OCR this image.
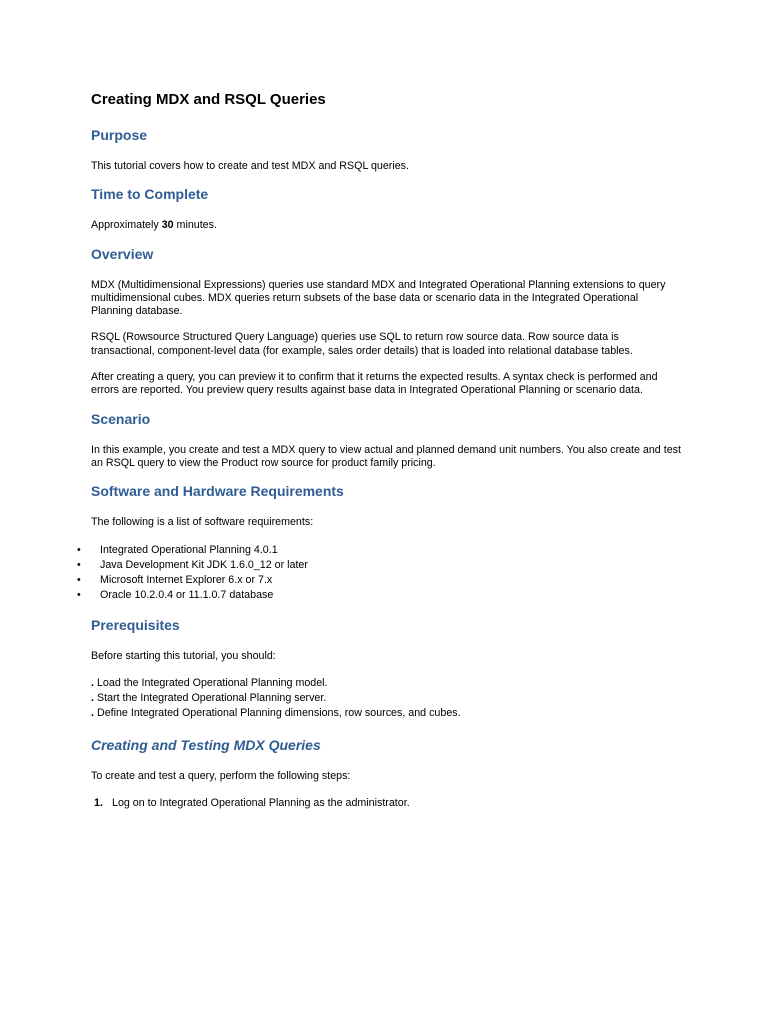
Creating MDX and RSQL Queries
Purpose

This tutorial covers how to create and test MDX and RSQL queries.

Time to Complete

Approximately 30 minutes.

Overview

MDX (Multidimensional Expressions) queries use standard MDX and Integrated Operational Planning extensions to query multidimensional cubes. MDX queries return subsets of the base data or scenario data in the Integrated Operational Planning database.

RSQL (Rowsource Structured Query Language) queries use SQL to return row source data. Row source data is transactional, component-level data (for example, sales order details) that is loaded into relational database tables.

After creating a query, you can preview it to confirm that it returns the expected results. A syntax check is performed and errors are reported. You preview query results against base data in Integrated Operational Planning or scenario data.

Scenario

In this example, you create and test a MDX query to view actual and planned demand unit numbers. You also create and test an RSQL query to view the Product row source for product family pricing.

Software and Hardware Requirements

The following is a list of software requirements:

• Integrated Operational Planning 4.0.1
• Java Development Kit JDK 1.6.0_12 or later
• Microsoft Internet Explorer 6.x or 7.x
• Oracle 10.2.0.4 or 11.1.0.7 database
Prerequisites

Before starting this tutorial, you should:

. Load the Integrated Operational Planning model.
. Start the Integrated Operational Planning server.
. Define Integrated Operational Planning dimensions, row sources, and cubes.
Creating and Testing MDX Queries

To create and test a query, perform the following steps:

1. Log on to Integrated Operational Planning as the administrator.
